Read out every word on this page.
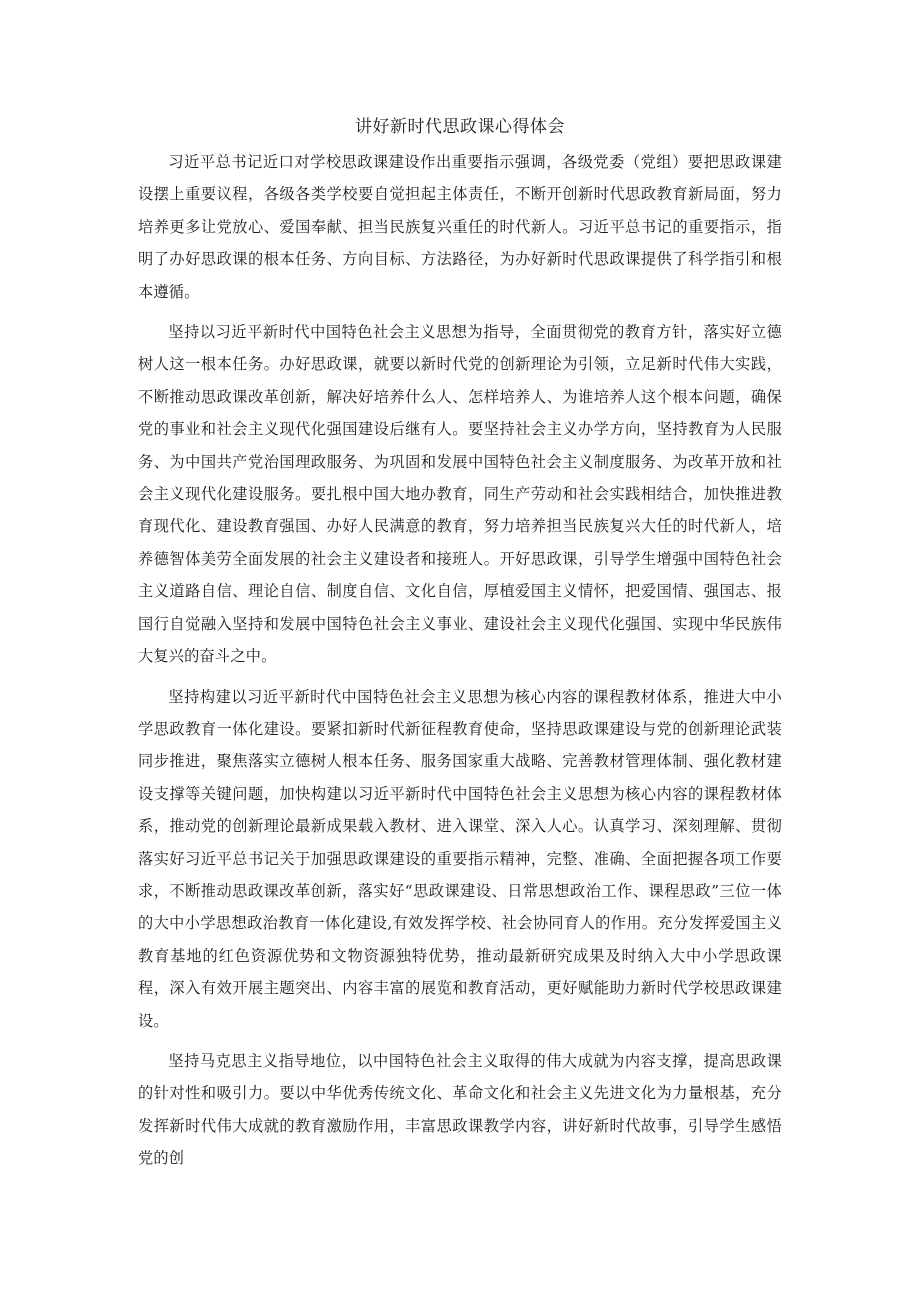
讲好新时代思政课心得体会

习近平总书记近口对学校思政课建设作出重要指示强调，各级党委（党组）要把思政课建设摆上重要议程，各级各类学校要自觉担起主体责任，不断开创新时代思政教育新局面，努力培养更多让党放心、爱国奉献、担当民族复兴重任的时代新人。习近平总书记的重要指示，指明了办好思政课的根本任务、方向目标、方法路径，为办好新时代思政课提供了科学指引和根本遵循。

坚持以习近平新时代中国特色社会主义思想为指导，全面贯彻党的教育方针，落实好立德树人这一根本任务。办好思政课，就要以新时代党的创新理论为引领，立足新时代伟大实践，不断推动思政课改革创新，解决好培养什么人、怎样培养人、为谁培养人这个根本问题，确保党的事业和社会主义现代化强国建设后继有人。要坚持社会主义办学方向，坚持教育为人民服务、为中国共产党治国理政服务、为巩固和发展中国特色社会主义制度服务、为改革开放和社会主义现代化建设服务。要扎根中国大地办教育，同生产劳动和社会实践相结合，加快推进教育现代化、建设教育强国、办好人民满意的教育，努力培养担当民族复兴大任的时代新人，培养德智体美劳全面发展的社会主义建设者和接班人。开好思政课，引导学生增强中国特色社会主义道路自信、理论自信、制度自信、文化自信，厚植爱国主义情怀，把爱国情、强国志、报国行自觉融入坚持和发展中国特色社会主义事业、建设社会主义现代化强国、实现中华民族伟大复兴的奋斗之中。

坚持构建以习近平新时代中国特色社会主义思想为核心内容的课程教材体系，推进大中小学思政教育一体化建设。要紧扣新时代新征程教育使命，坚持思政课建设与党的创新理论武装同步推进，聚焦落实立德树人根本任务、服务国家重大战略、完善教材管理体制、强化教材建设支撑等关键问题，加快构建以习近平新时代中国特色社会主义思想为核心内容的课程教材体系，推动党的创新理论最新成果载入教材、进入课堂、深入人心。认真学习、深刻理解、贯彻落实好习近平总书记关于加强思政课建设的重要指示精神，完整、准确、全面把握各项工作要求，不断推动思政课改革创新，落实好“思政课建设、日常思想政治工作、课程思政”三位一体的大中小学思想政治教育一体化建设,有效发挥学校、社会协同育人的作用。充分发挥爱国主义教育基地的红色资源优势和文物资源独特优势，推动最新研究成果及时纳入大中小学思政课程，深入有效开展主题突出、内容丰富的展览和教育活动，更好赋能助力新时代学校思政课建设。

坚持马克思主义指导地位，以中国特色社会主义取得的伟大成就为内容支撑，提高思政课的针对性和吸引力。要以中华优秀传统文化、革命文化和社会主义先进文化为力量根基，充分发挥新时代伟大成就的教育激励作用，丰富思政课教学内容，讲好新时代故事，引导学生感悟党的创
